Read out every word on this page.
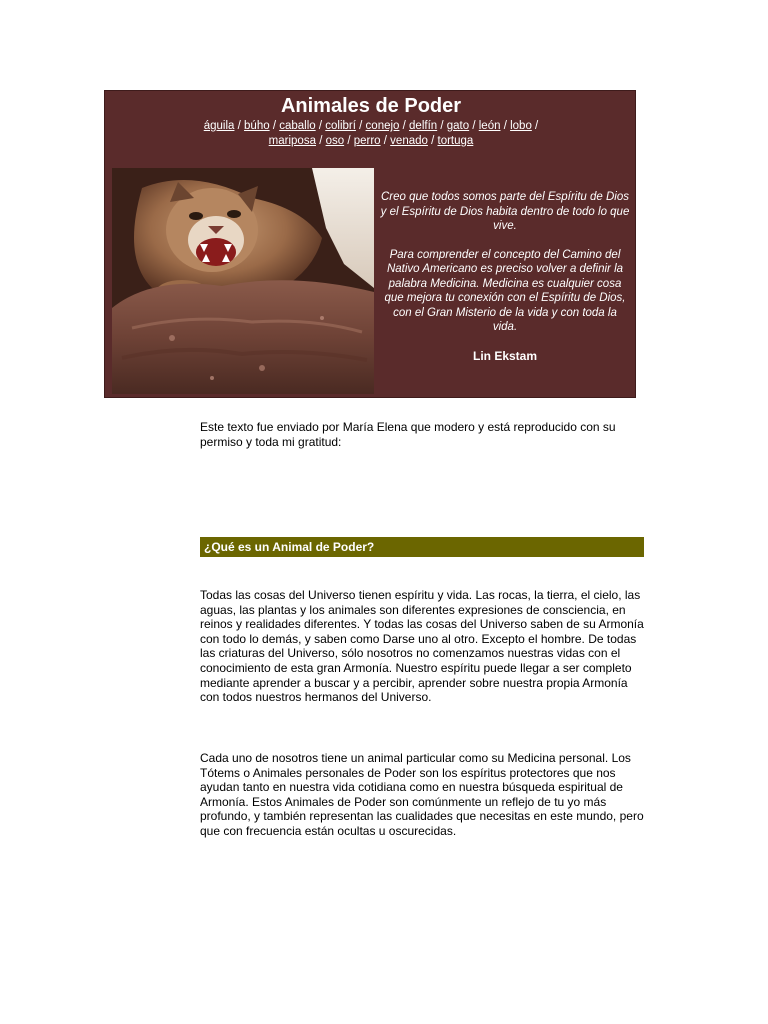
Animales de Poder
águila / búho / caballo / colibrí / conejo / delfín / gato / león / lobo /
mariposa / oso / perro / venado / tortuga

Creo que todos somos parte del Espíritu de Dios y el Espíritu de Dios habita dentro de todo lo que vive.

Para comprender el concepto del Camino del Nativo Americano es preciso volver a definir la palabra Medicina. Medicina es cualquier cosa que mejora tu conexión con el Espíritu de Dios, con el Gran Misterio de la vida y con toda la vida.

Lin Ekstam
Este texto fue enviado por María Elena que modero y está reproducido con su permiso y toda mi gratitud:
¿Qué es un Animal de Poder?

Todas las cosas del Universo tienen espíritu y vida. Las rocas, la tierra, el cielo, las aguas, las plantas y los animales son diferentes expresiones de consciencia, en reinos y realidades diferentes. Y todas las cosas del Universo saben de su Armonía con todo lo demás, y saben como Darse uno al otro. Excepto el hombre. De todas las criaturas del Universo, sólo nosotros no comenzamos nuestras vidas con el conocimiento de esta gran Armonía. Nuestro espíritu puede llegar a ser completo mediante aprender a buscar y a percibir, aprender sobre nuestra propia Armonía con todos nuestros hermanos del Universo.

Cada uno de nosotros tiene un animal particular como su Medicina personal. Los Tótems o Animales personales de Poder son los espíritus protectores que nos ayudan tanto en nuestra vida cotidiana como en nuestra búsqueda espiritual de Armonía. Estos Animales de Poder son comúnmente un reflejo de tu yo más profundo, y también representan las cualidades que necesitas en este mundo, pero que con frecuencia están ocultas u oscurecidas.
